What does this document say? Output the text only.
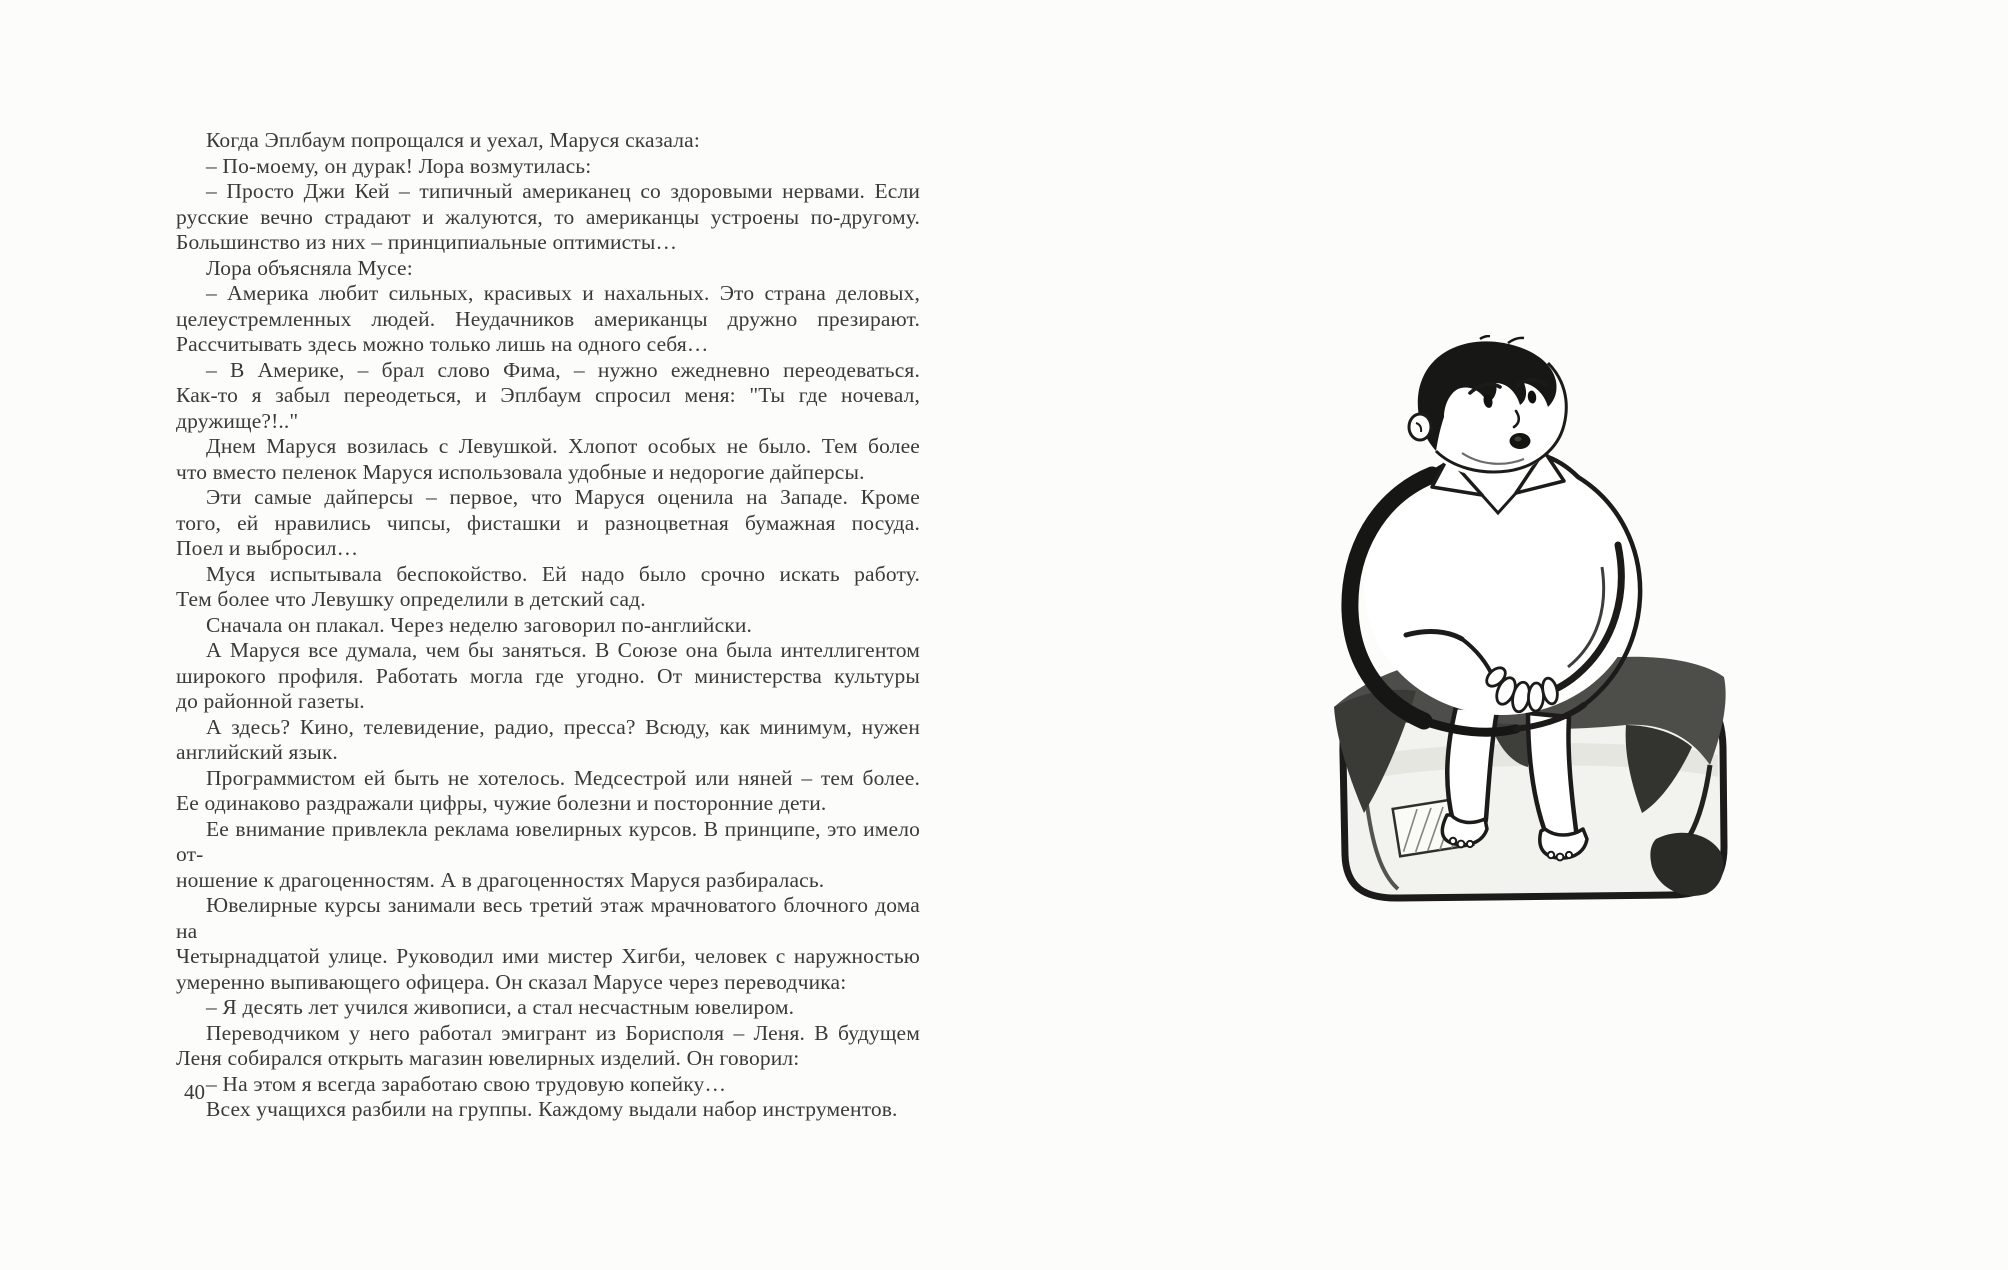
Когда Эплбаум попрощался и уехал, Маруся сказала:
– По-моему, он дурак! Лора возмутилась:
– Просто Джи Кей – типичный американец со здоровыми нервами. Если
русские вечно страдают и жалуются, то американцы устроены по-другому.
Большинство из них – принципиальные оптимисты…
Лора объясняла Мусе:
– Америка любит сильных, красивых и нахальных. Это страна деловых,
целеустремленных людей. Неудачников американцы дружно презирают.
Рассчитывать здесь можно только лишь на одного себя…
– В Америке, – брал слово Фима, – нужно ежедневно переодеваться.
Как-то я забыл переодеться, и Эплбаум спросил меня: "Ты где ночевал,
дружище?!.."
Днем Маруся возилась с Левушкой. Хлопот особых не было. Тем более
что вместо пеленок Маруся использовала удобные и недорогие дайперсы.
Эти самые дайперсы – первое, что Маруся оценила на Западе. Кроме
того, ей нравились чипсы, фисташки и разноцветная бумажная посуда.
Поел и выбросил…
Муся испытывала беспокойство. Ей надо было срочно искать работу.
Тем более что Левушку определили в детский сад.
Сначала он плакал. Через неделю заговорил по-английски.
А Маруся все думала, чем бы заняться. В Союзе она была интеллигентом
широкого профиля. Работать могла где угодно. От министерства культуры
до районной газеты.
А здесь? Кино, телевидение, радио, пресса? Всюду, как минимум, нужен
английский язык.
Программистом ей быть не хотелось. Медсестрой или няней – тем более.
Ее одинаково раздражали цифры, чужие болезни и посторонние дети.
Ее внимание привлекла реклама ювелирных курсов. В принципе, это имело от-
ношение к драгоценностям. А в драгоценностях Маруся разбиралась.
Ювелирные курсы занимали весь третий этаж мрачноватого блочного дома на
Четырнадцатой улице. Руководил ими мистер Хигби, человек с наружностью
умеренно выпивающего офицера. Он сказал Марусе через переводчика:
– Я десять лет учился живописи, а стал несчастным ювелиром.
Переводчиком у него работал эмигрант из Борисполя – Леня. В будущем
Леня собирался открыть магазин ювелирных изделий. Он говорил:
– На этом я всегда заработаю свою трудовую копейку…
Всех учащихся разбили на группы. Каждому выдали набор инструментов.
40
